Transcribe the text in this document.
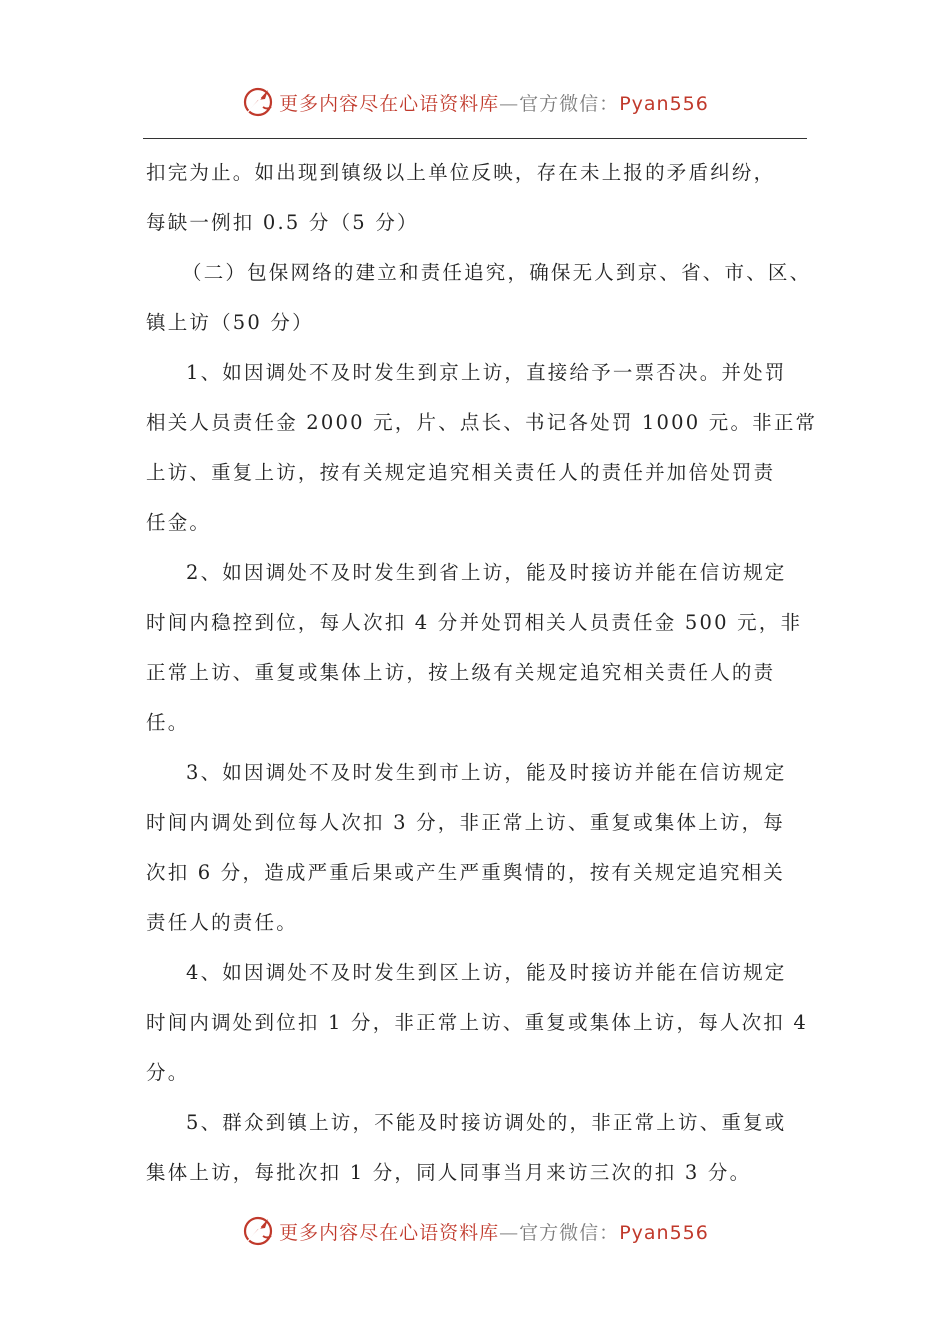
更多内容尽在心语资料库—官方微信：Pyan556

扣完为止。如出现到镇级以上单位反映，存在未上报的矛盾纠纷，

每缺一例扣 0.5 分（5 分）

（二）包保网络的建立和责任追究，确保无人到京、省、市、区、

镇上访（50 分）

1、如因调处不及时发生到京上访，直接给予一票否决。并处罚

相关人员责任金 2000 元，片、点长、书记各处罚 1000 元。非正常

上访、重复上访，按有关规定追究相关责任人的责任并加倍处罚责

任金。

2、如因调处不及时发生到省上访，能及时接访并能在信访规定

时间内稳控到位，每人次扣 4 分并处罚相关人员责任金 500 元，非

正常上访、重复或集体上访，按上级有关规定追究相关责任人的责

任。

3、如因调处不及时发生到市上访，能及时接访并能在信访规定

时间内调处到位每人次扣 3 分，非正常上访、重复或集体上访，每

次扣 6 分，造成严重后果或产生严重舆情的，按有关规定追究相关

责任人的责任。

4、如因调处不及时发生到区上访，能及时接访并能在信访规定

时间内调处到位扣 1 分，非正常上访、重复或集体上访，每人次扣 4

分。

5、群众到镇上访，不能及时接访调处的，非正常上访、重复或

集体上访，每批次扣 1 分，同人同事当月来访三次的扣 3 分。

更多内容尽在心语资料库—官方微信：Pyan556
